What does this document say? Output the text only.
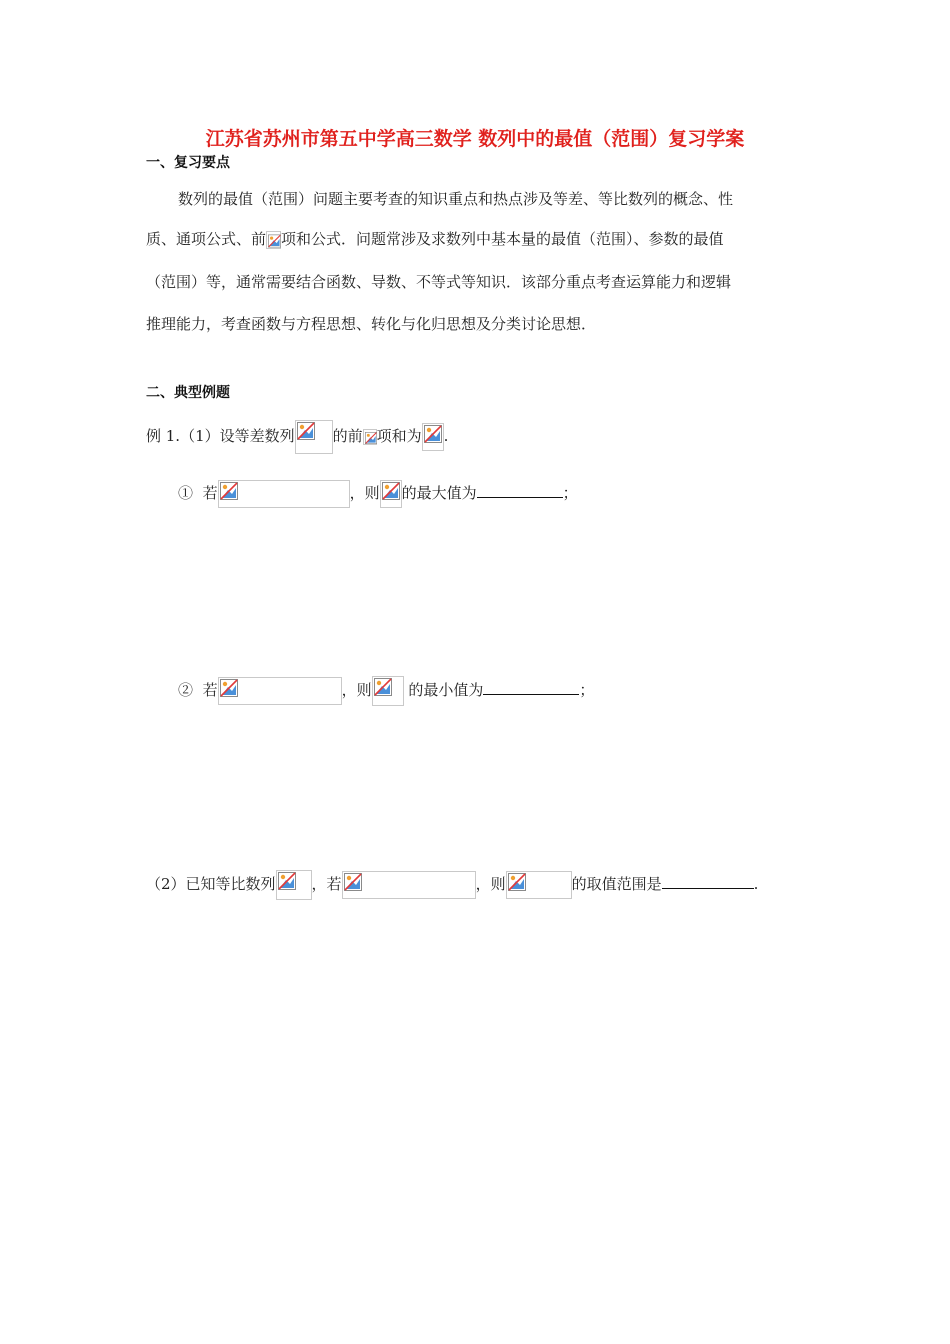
江苏省苏州市第五中学高三数学 数列中的最值（范围）复习学案
一、复习要点
数列的最值（范围）问题主要考查的知识重点和热点涉及等差、等比数列的概念、性
质、通项公式、前 项和公式．问题常涉及求数列中基本量的最值（范围）、参数的最值
（范围）等，通常需要结合函数、导数、不等式等知识．该部分重点考查运算能力和逻辑
推理能力，考查函数与方程思想、转化与化归思想及分类讨论思想．
二、典型例题
例 1.（1）设等差数列	的前 项和为 .
① 若	，则 的最大值为	；
② 若	，则 的最小值为	；
（2）已知等比数列 ，若	，则	的取值范围是	.
